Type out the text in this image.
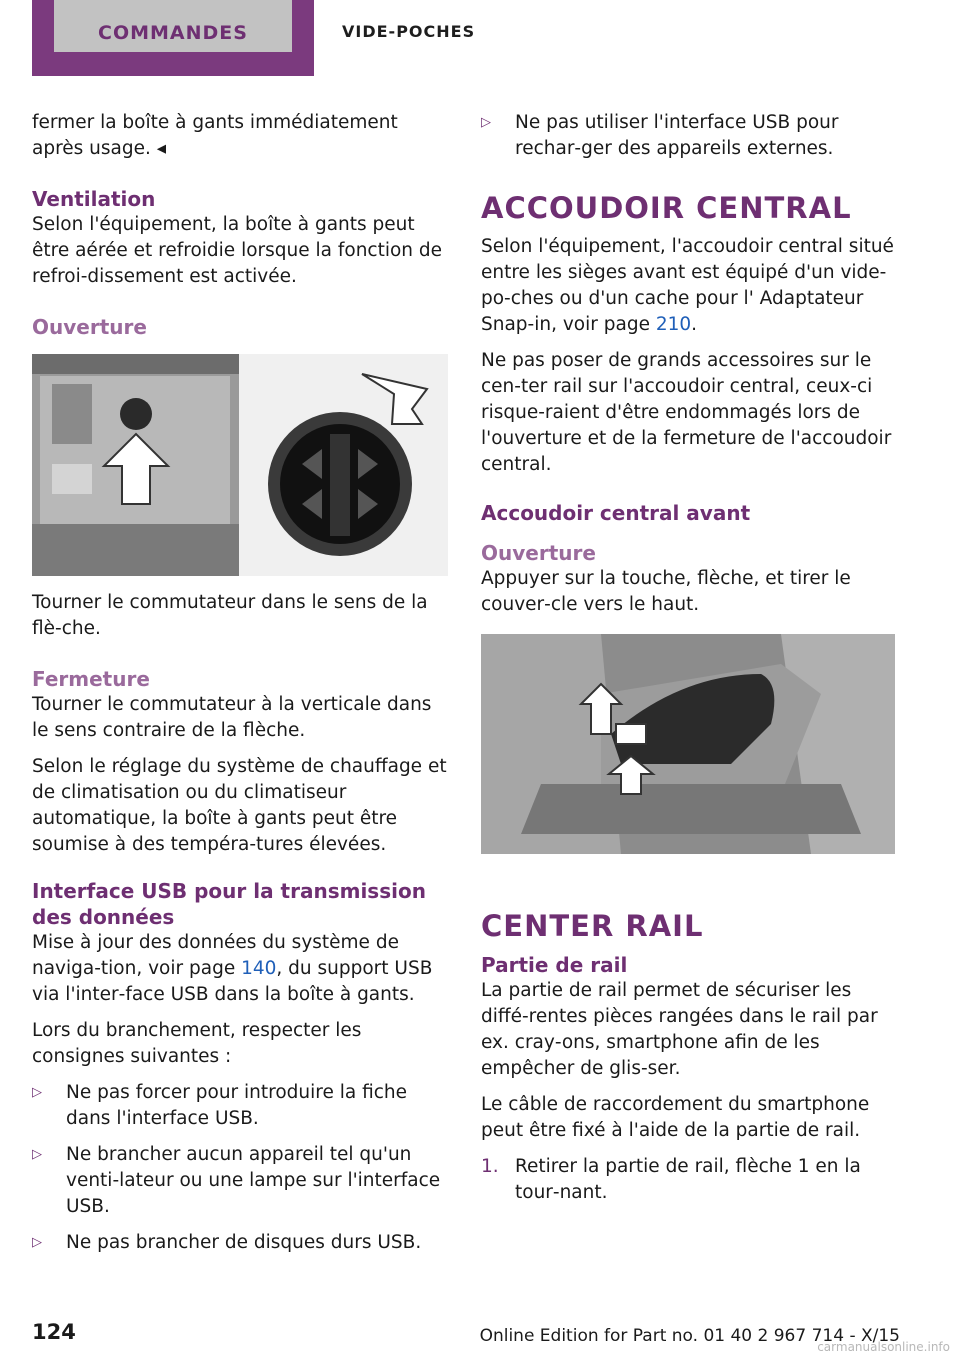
COMMANDES	VIDE-POCHES

fermer la boîte à gants immédiatement après usage. ◂

Ventilation

Selon l'équipement, la boîte à gants peut être aérée et refroidie lorsque la fonction de refroi‐dissement est activée.

Ouverture

Tourner le commutateur dans le sens de la flè‐che.

Fermeture

Tourner le commutateur à la verticale dans le sens contraire de la flèche.

Selon le réglage du système de chauffage et de climatisation ou du climatiseur automatique, la boîte à gants peut être soumise à des tempéra‐tures élevées.

Interface USB pour la transmission des données

Mise à jour des données du système de naviga‐tion, voir page 140, du support USB via l'inter‐face USB dans la boîte à gants.

Lors du branchement, respecter les consignes suivantes :

▷	Ne pas forcer pour introduire la fiche dans l'interface USB.
▷	Ne brancher aucun appareil tel qu'un venti‐lateur ou une lampe sur l'interface USB.
▷	Ne pas brancher de disques durs USB.
▷	Ne pas utiliser l'interface USB pour rechar‐ger des appareils externes.
ACCOUDOIR CENTRAL

Selon l'équipement, l'accoudoir central situé entre les sièges avant est équipé d'un vide-po‐ches ou d'un cache pour l' Adaptateur Snap-in, voir page 210.

Ne pas poser de grands accessoires sur le cen‐ter rail sur l'accoudoir central, ceux-ci risque‐raient d'être endommagés lors de l'ouverture et de la fermeture de l'accoudoir central.

Accoudoir central avant
Ouverture

Appuyer sur la touche, flèche, et tirer le couver‐cle vers le haut.

CENTER RAIL
Partie de rail

La partie de rail permet de sécuriser les diffé‐rentes pièces rangées dans le rail par ex. cray‐ons, smartphone afin de les empêcher de glis‐ser.

Le câble de raccordement du smartphone peut être fixé à l'aide de la partie de rail.

1. Retirer la partie de rail, flèche 1 en la tour‐nant.
124	Online Edition for Part no. 01 40 2 967 714 - X/15
carmanualsonline.info
